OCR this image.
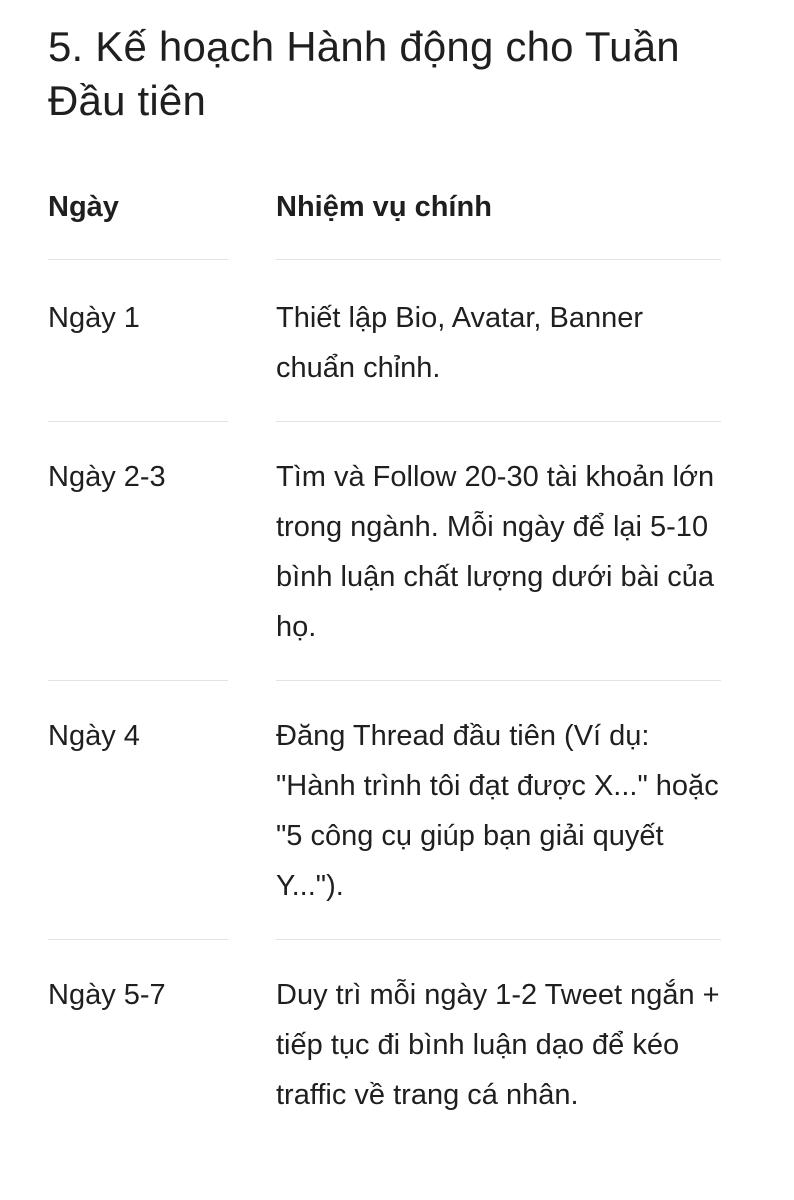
5. Kế hoạch Hành động cho Tuần Đầu tiên
Ngày	Nhiệm vụ chính
Ngày 1	Thiết lập Bio, Avatar, Banner chuẩn chỉnh.
Ngày 2-3	Tìm và Follow 20-30 tài khoản lớn trong ngành. Mỗi ngày để lại 5-10 bình luận chất lượng dưới bài của họ.
Ngày 4	Đăng Thread đầu tiên (Ví dụ: "Hành trình tôi đạt được X..." hoặc "5 công cụ giúp bạn giải quyết Y...").
Ngày 5-7	Duy trì mỗi ngày 1-2 Tweet ngắn + tiếp tục đi bình luận dạo để kéo traffic về trang cá nhân.
